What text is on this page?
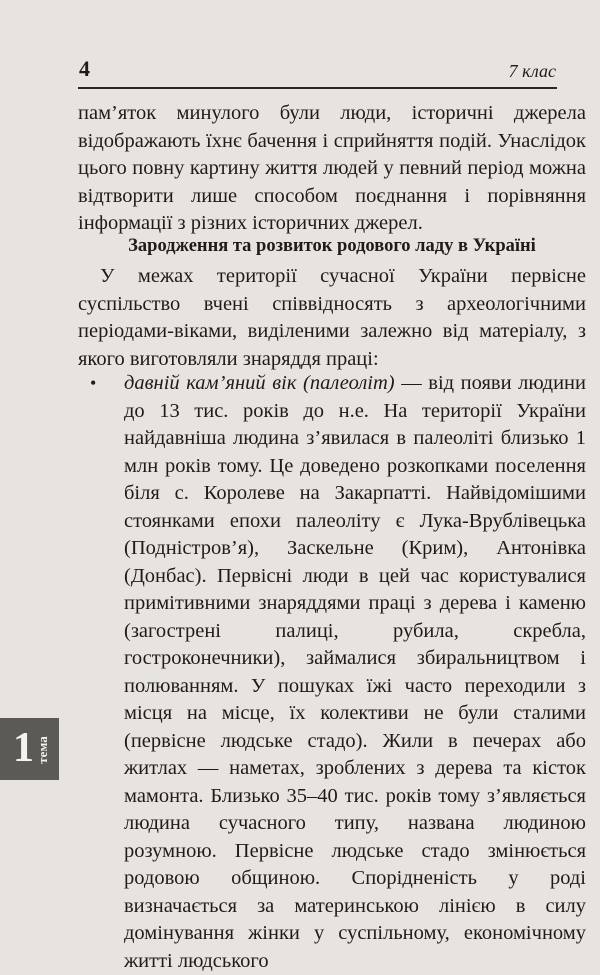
4	7 клас

пам’яток минулого були люди, історичні джерела відображають їхнє бачення і сприйняття подій. Унаслідок цього повну картину життя людей у певний період можна відтворити лише способом поєднання і порівняння інформації з різних історичних джерел.

Зародження та розвиток родового ладу в Україні

У межах території сучасної України первісне суспільство вчені співвідносять з археологічними періодами-віками, виділеними залежно від матеріалу, з якого виготовляли знаряддя праці:

• давній кам’яний вік (палеоліт) — від появи людини до 13 тис. років до н.е. На території України найдавніша людина з’явилася в палеоліті близько 1 млн років тому. Це доведено розкопками поселення біля с. Королеве на Закарпатті. Найвідомішими стоянками епохи палеоліту є Лука-Врублівецька (Подністров’я), Заскельне (Крим), Антонівка (Донбас). Первісні люди в цей час користувалися примітивними знаряддями праці з дерева і каменю (загострені палиці, рубила, скребла, гостроконечники), займалися збиральництвом і полюванням. У пошуках їжі часто переходили з місця на місце, їх колективи не були сталими (первісне людське стадо). Жили в печерах або житлах — наметах, зроблених з дерева та кісток мамонта. Близько 35–40 тис. років тому з’являється людина сучасного типу, названа людиною розумною. Первісне людське стадо змінюється родовою общиною. Спорідненість у роді визначається за материнською лінією в силу домінування жінки у суспільному, економічному житті людського
1 тема
